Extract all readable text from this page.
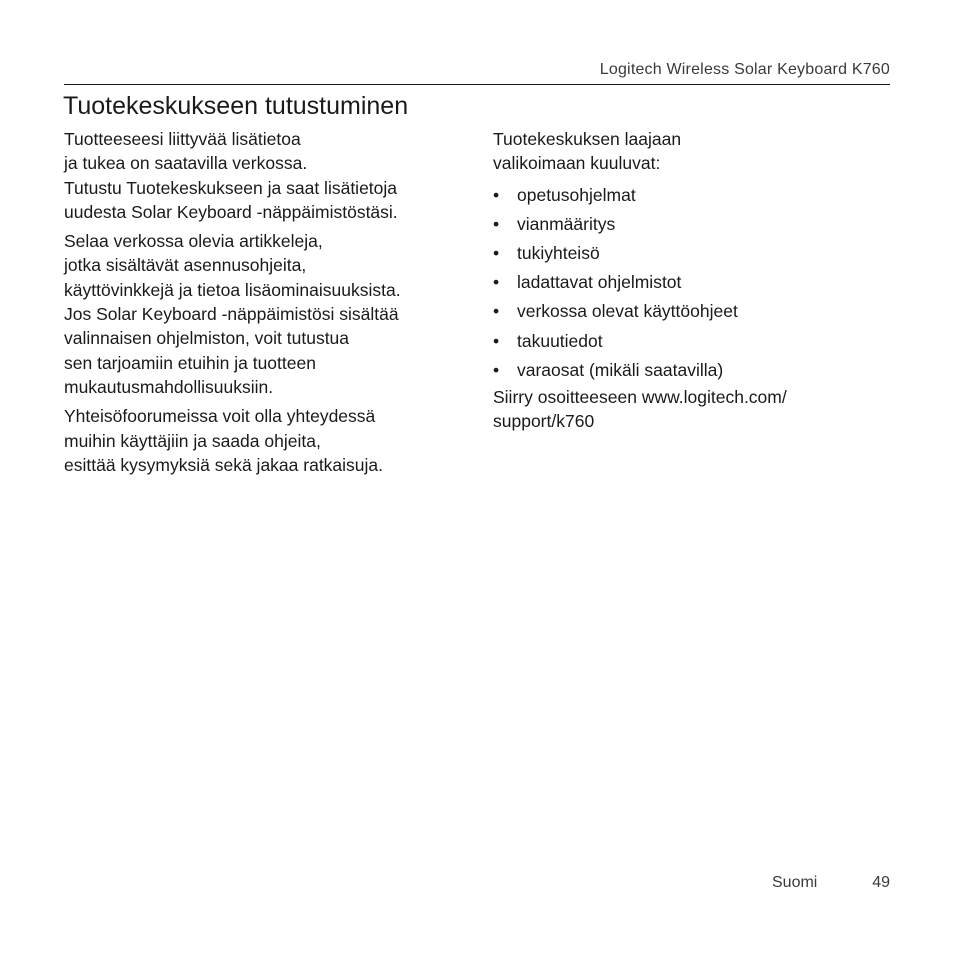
Logitech Wireless Solar Keyboard K760
Tuotekeskukseen tutustuminen

Tuotteeseesi liittyvää lisätietoa
ja tukea on saatavilla verkossa.
Tutustu Tuotekeskukseen ja saat lisätietoja
uudesta Solar Keyboard -näppäimistöstäsi.

Selaa verkossa olevia artikkeleja,
jotka sisältävät asennusohjeita,
käyttövinkkejä ja tietoa lisäominaisuuksista.
Jos Solar Keyboard -näppäimistösi sisältää
valinnaisen ohjelmiston, voit tutustua
sen tarjoamiin etuihin ja tuotteen
mukautusmahdollisuuksiin.

Yhteisöfoorumeissa voit olla yhteydessä
muihin käyttäjiin ja saada ohjeita,
esittää kysymyksiä sekä jakaa ratkaisuja.

Tuotekeskuksen laajaan
valikoimaan kuuluvat:

• opetusohjelmat
• vianmääritys
• tukiyhteisö
• ladattavat ohjelmistot
• verkossa olevat käyttöohjeet
• takuutiedot
• varaosat (mikäli saatavilla)

Siirry osoitteeseen www.logitech.com/
support/k760

Suomi	49
